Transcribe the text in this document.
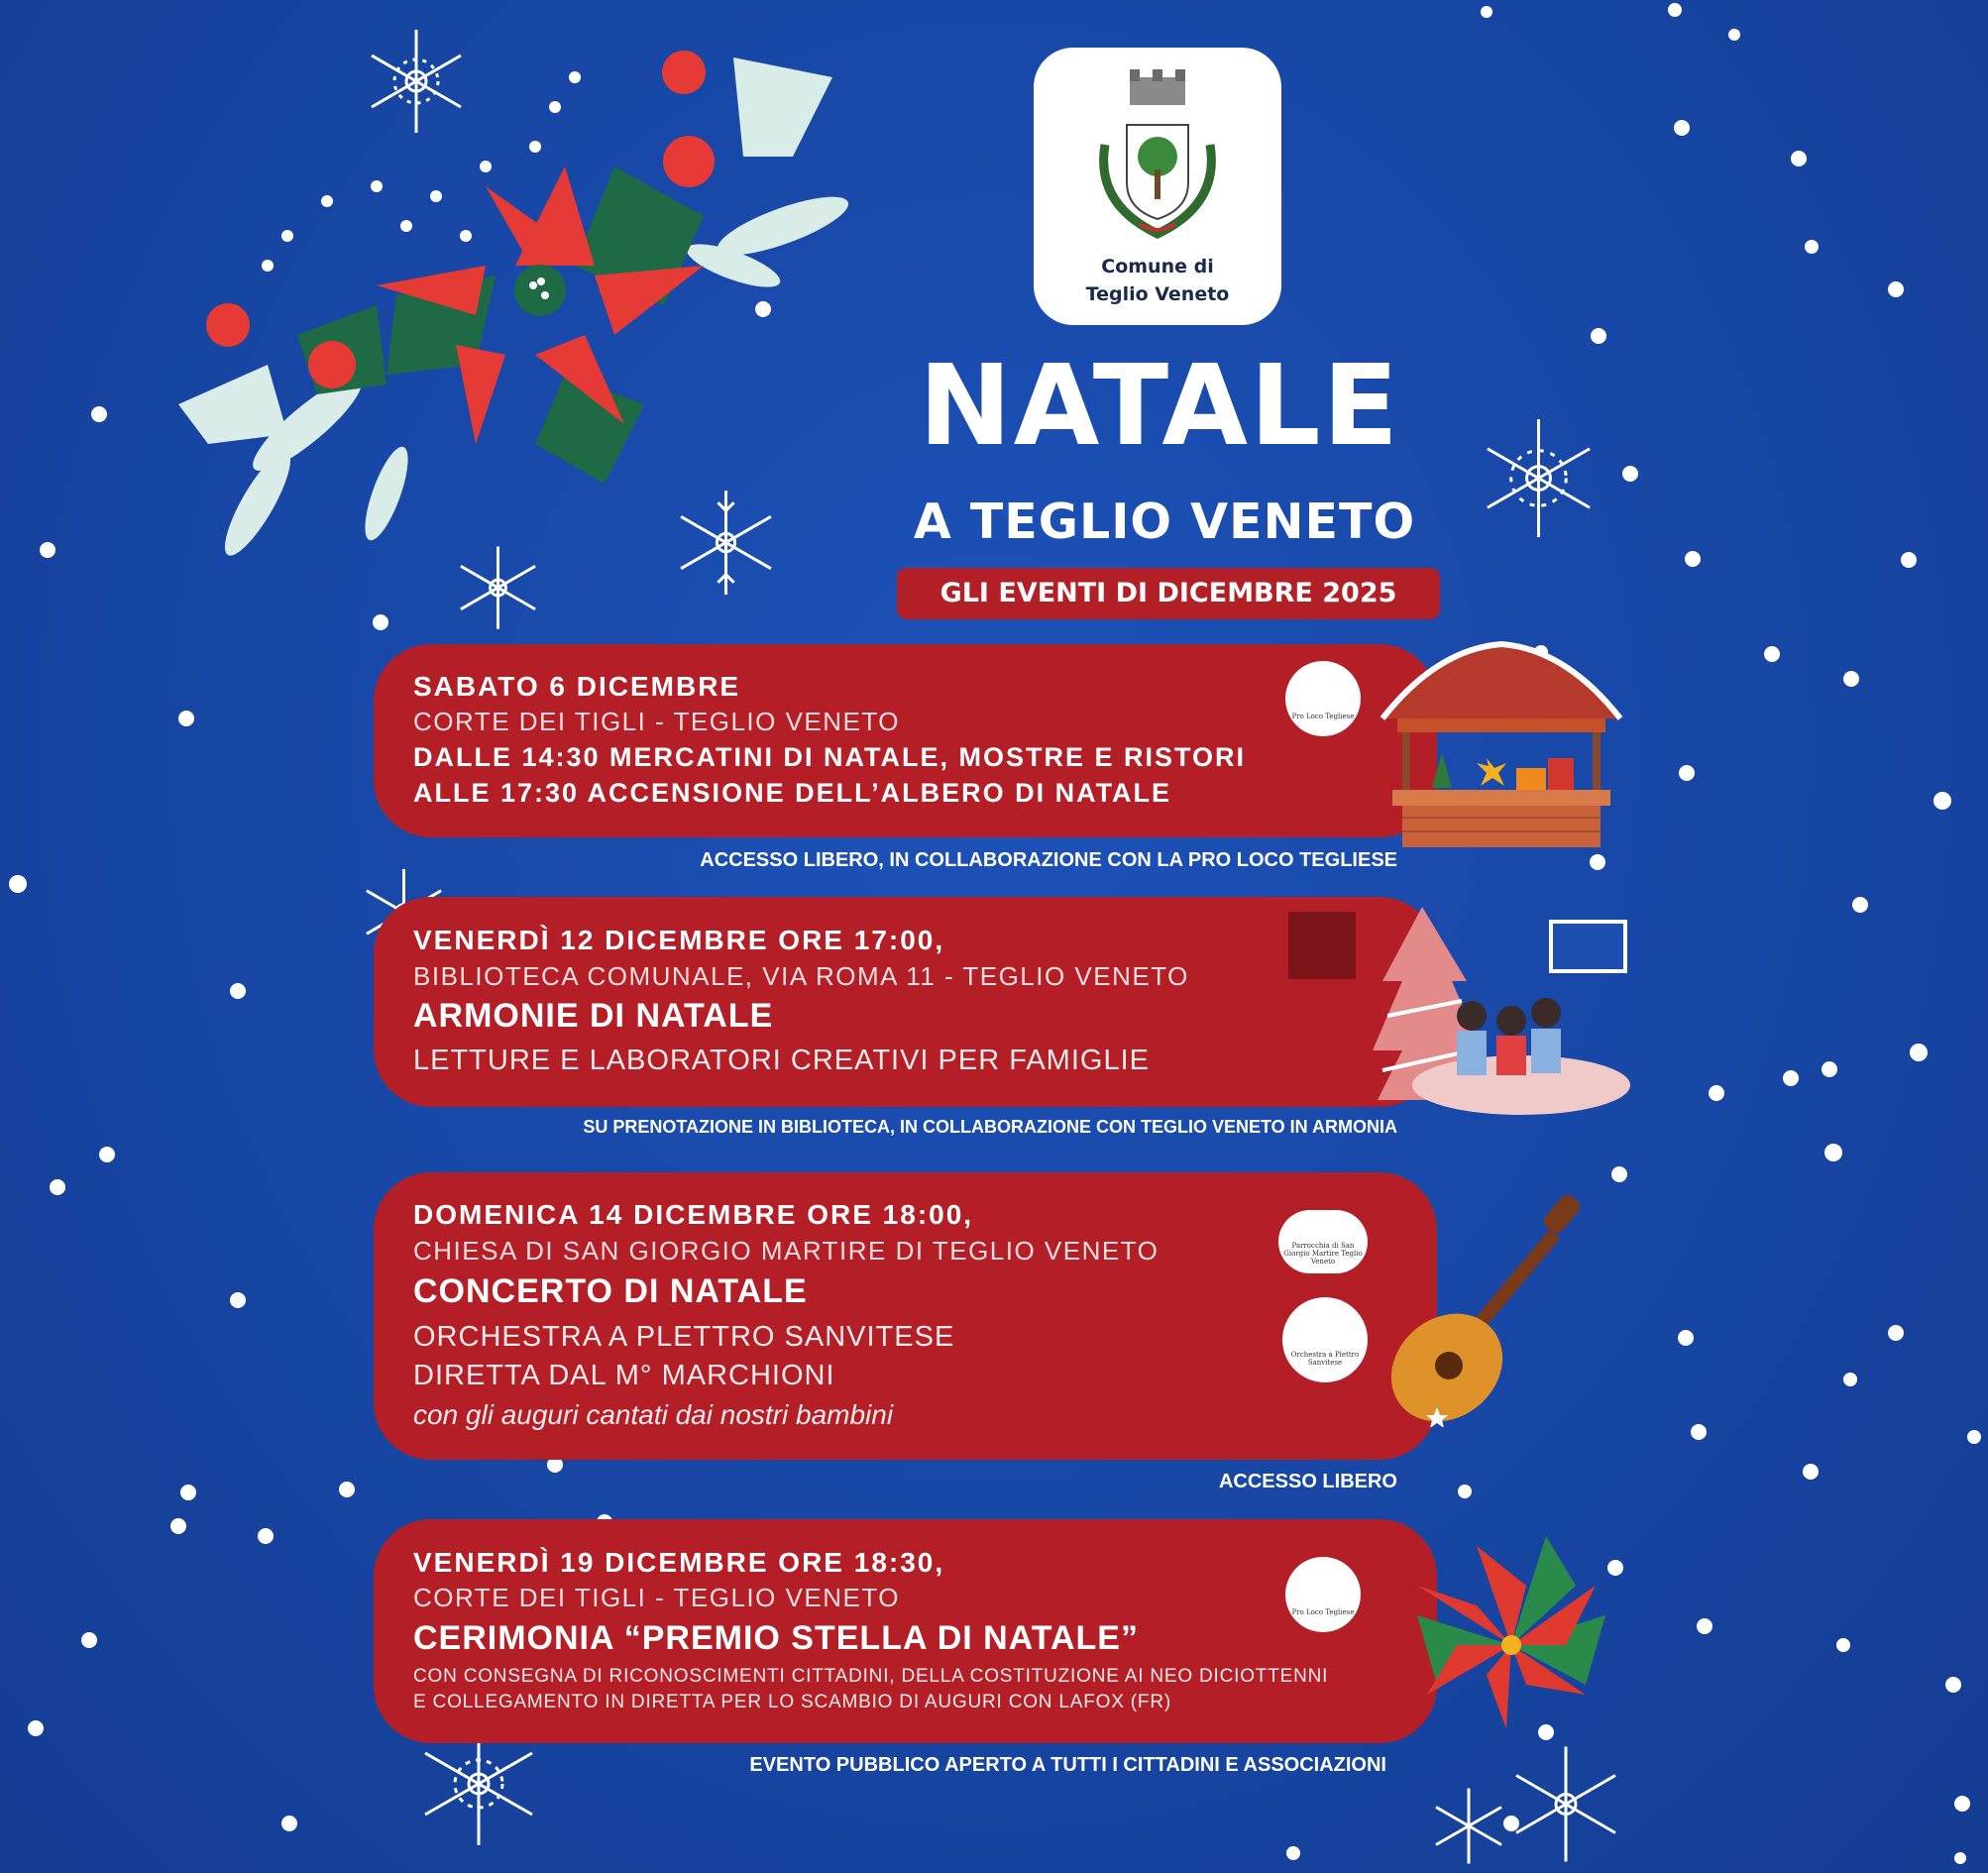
Comune di
Teglio Veneto
NATALE
A TEGLIO VENETO
GLI EVENTI DI DICEMBRE 2025
SABATO 6 DICEMBRE
CORTE DEI TIGLI - TEGLIO VENETO
DALLE 14:30 MERCATINI DI NATALE, MOSTRE E RISTORI
ALLE 17:30 ACCENSIONE DELL’ALBERO DI NATALE
Pro Loco Tegliese
ACCESSO LIBERO, IN COLLABORAZIONE CON LA PRO LOCO TEGLIESE
VENERDÌ 12 DICEMBRE ORE 17:00,
BIBLIOTECA COMUNALE, VIA ROMA 11 - TEGLIO VENETO
ARMONIE DI NATALE
LETTURE E LABORATORI CREATIVI PER FAMIGLIE
SU PRENOTAZIONE IN BIBLIOTECA, IN COLLABORAZIONE CON TEGLIO VENETO IN ARMONIA
DOMENICA 14 DICEMBRE ORE 18:00,
CHIESA DI SAN GIORGIO MARTIRE DI TEGLIO VENETO
CONCERTO DI NATALE
ORCHESTRA A PLETTRO SANVITESE
DIRETTA DAL M° MARCHIONI
con gli auguri cantati dai nostri bambini
Parrocchia di San Giorgio Martire Teglio Veneto
Orchestra a Plettro Sanvitese
ACCESSO LIBERO
VENERDÌ 19 DICEMBRE ORE 18:30,
CORTE DEI TIGLI - TEGLIO VENETO
CERIMONIA “PREMIO STELLA DI NATALE”
CON CONSEGNA DI RICONOSCIMENTI CITTADINI, DELLA COSTITUZIONE AI NEO DICIOTTENNI
E COLLEGAMENTO IN DIRETTA PER LO SCAMBIO DI AUGURI CON LAFOX (FR)
Pro Loco Tegliese
EVENTO PUBBLICO APERTO A TUTTI I CITTADINI E ASSOCIAZIONI
